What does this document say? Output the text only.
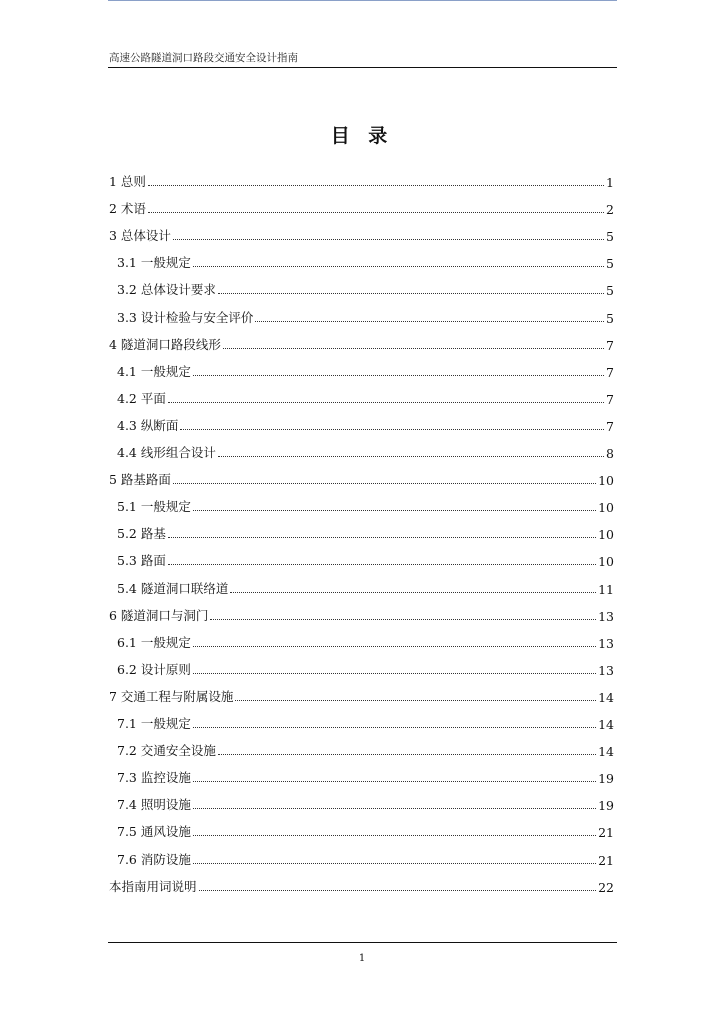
高速公路隧道洞口路段交通安全设计指南
目 录
1 总则	1
2 术语	2
3 总体设计	5
3.1 一般规定	5
3.2 总体设计要求	5
3.3 设计检验与安全评价	5
4 隧道洞口路段线形	7
4.1 一般规定	7
4.2 平面	7
4.3 纵断面	7
4.4 线形组合设计	8
5 路基路面	10
5.1 一般规定	10
5.2 路基	10
5.3 路面	10
5.4 隧道洞口联络道	11
6 隧道洞口与洞门	13
6.1 一般规定	13
6.2 设计原则	13
7 交通工程与附属设施	14
7.1 一般规定	14
7.2 交通安全设施	14
7.3 监控设施	19
7.4 照明设施	19
7.5 通风设施	21
7.6 消防设施	21
本指南用词说明	22
1
